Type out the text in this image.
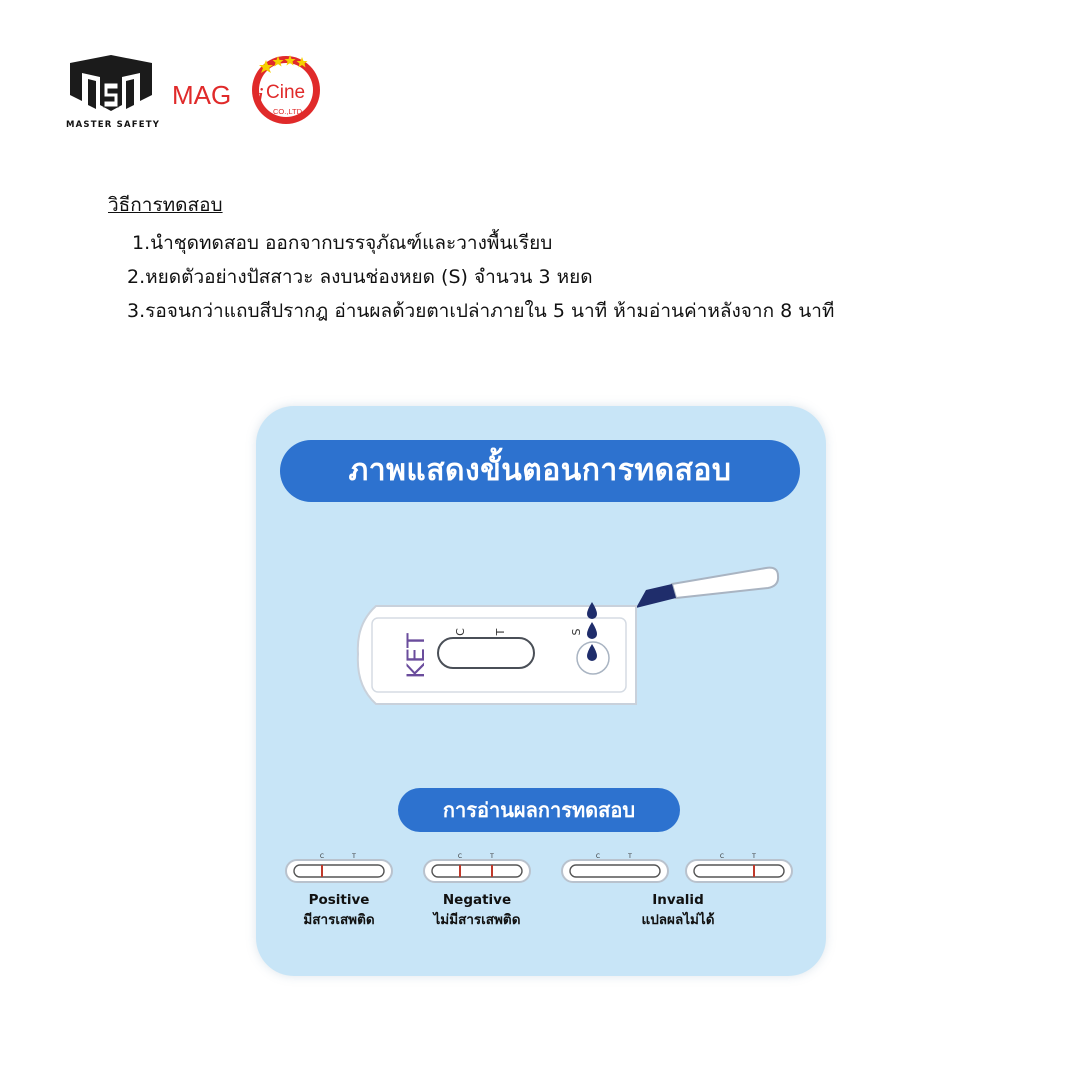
MASTER SAFETY
MAG i Cine
CO.,LTD.
วิธีการทดสอบ
1.นำชุดทดสอบ ออกจากบรรจุภัณฑ์และวางพื้นเรียบ
2.หยดตัวอย่างปัสสาวะ ลงบนช่องหยด (S) จำนวน 3 หยด
3.รอจนกว่าแถบสีปรากฎ อ่านผลด้วยตาเปล่าภายใน 5 นาที ห้ามอ่านค่าหลังจาก 8 นาที
ภาพแสดงขั้นตอนการทดสอบ
KET
C T	S
การอ่านผลการทดสอบ
C	T	C	T	C	T	C	T
Positive
มีสารเสพติด
Negative
ไม่มีสารเสพติด
Invalid
แปลผลไม่ได้
